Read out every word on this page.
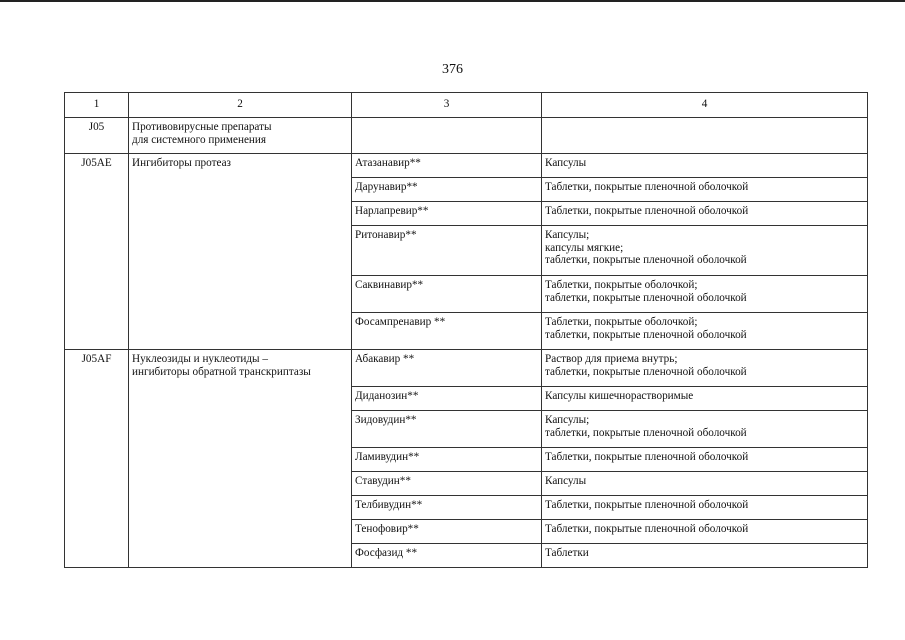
376
1	2	3	4
J05	Противовирусные препараты
для системного применения		
J05AE	Ингибиторы протеаз	Атазанавир**	Капсулы
		Дарунавир**	Таблетки, покрытые пленочной оболочкой
		Нарлапревир**	Таблетки, покрытые пленочной оболочкой
		Ритонавир**	Капсулы;
капсулы мягкие;
таблетки, покрытые пленочной оболочкой
		Саквинавир**	Таблетки, покрытые оболочкой;
таблетки, покрытые пленочной оболочкой
		Фосампренавир **	Таблетки, покрытые оболочкой;
таблетки, покрытые пленочной оболочкой
J05AF	Нуклеозиды и нуклеотиды –
ингибиторы обратной транскриптазы	Абакавир **	Раствор для приема внутрь;
таблетки, покрытые пленочной оболочкой
		Диданозин**	Капсулы кишечнорастворимые
		Зидовудин**	Капсулы;
таблетки, покрытые пленочной оболочкой
		Ламивудин**	Таблетки, покрытые пленочной оболочкой
		Ставудин**	Капсулы
		Телбивудин**	Таблетки, покрытые пленочной оболочкой
		Тенофовир**	Таблетки, покрытые пленочной оболочкой
		Фосфазид **	Таблетки
